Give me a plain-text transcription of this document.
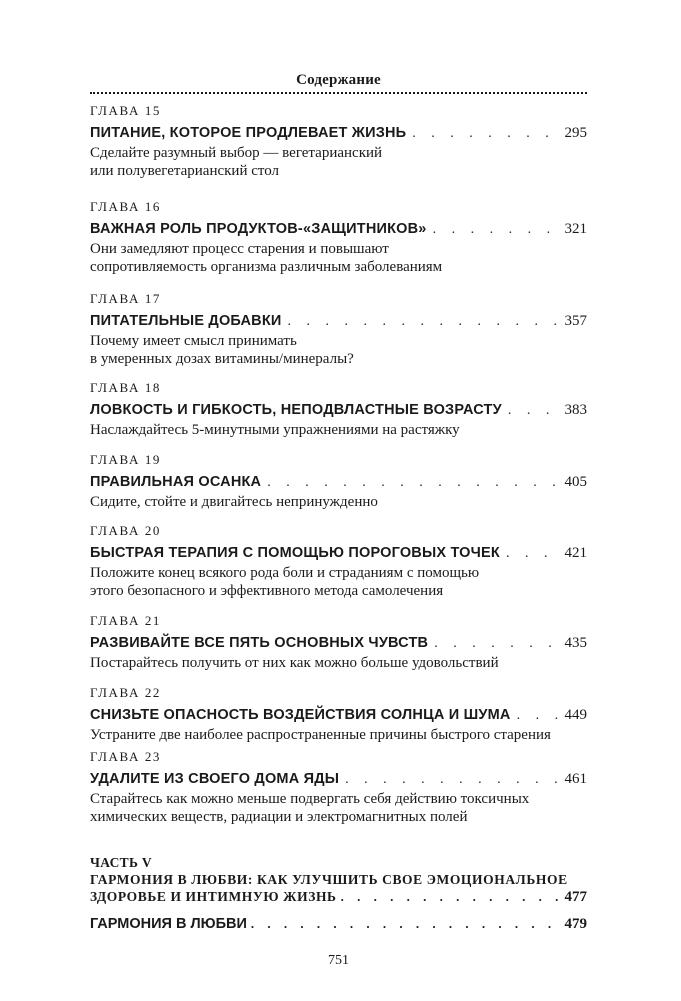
Содержание
ГЛАВА 15
ПИТАНИЕ, КОТОРОЕ ПРОДЛЕВАЕТ ЖИЗНЬ . . .	295
Сделайте разумный выбор — вегетарианский
или полувегетарианский стол
ГЛАВА 16
ВАЖНАЯ РОЛЬ ПРОДУКТОВ-«ЗАЩИТНИКОВ» . . .	321
Они замедляют процесс старения и повышают
сопротивляемость организма различным заболеваниям
ГЛАВА 17
ПИТАТЕЛЬНЫЕ ДОБАВКИ . . .	357
Почему имеет смысл принимать
в умеренных дозах витамины/минералы?
ГЛАВА 18
ЛОВКОСТЬ И ГИБКОСТЬ, НЕПОДВЛАСТНЫЕ ВОЗРАСТУ . . .	383
Наслаждайтесь 5-минутными упражнениями на растяжку
ГЛАВА 19
ПРАВИЛЬНАЯ ОСАНКА . . .	405
Сидите, стойте и двигайтесь непринужденно
ГЛАВА 20
БЫСТРАЯ ТЕРАПИЯ С ПОМОЩЬЮ ПОРОГОВЫХ ТОЧЕК . . .	421
Положите конец всякого рода боли и страданиям с помощью
этого безопасного и эффективного метода самолечения
ГЛАВА 21
РАЗВИВАЙТЕ ВСЕ ПЯТЬ ОСНОВНЫХ ЧУВСТВ . . .	435
Постарайтесь получить от них как можно больше удовольствий
ГЛАВА 22
СНИЗЬТЕ ОПАСНОСТЬ ВОЗДЕЙСТВИЯ СОЛНЦА И ШУМА . . .	449
Устраните две наиболее распространенные причины быстрого старения
ГЛАВА 23
УДАЛИТЕ ИЗ СВОЕГО ДОМА ЯДЫ . . .	461
Старайтесь как можно меньше подвергать себя действию токсичных
химических веществ, радиации и электромагнитных полей
ЧАСТЬ V
ГАРМОНИЯ В ЛЮБВИ: КАК УЛУЧШИТЬ СВОЕ ЭМОЦИОНАЛЬНОЕ
ЗДОРОВЬЕ И ИНТИМНУЮ ЖИЗНЬ . . .	477
ГАРМОНИЯ В ЛЮБВИ . . .	479
751
